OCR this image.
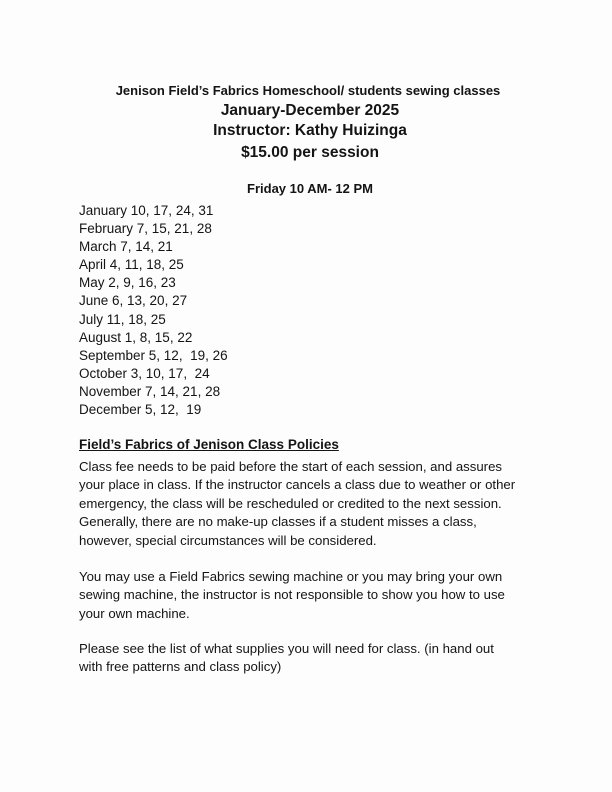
Jenison Field’s Fabrics Homeschool/ students sewing classes
January-December 2025
Instructor: Kathy Huizinga
$15.00 per session
Friday 10 AM- 12 PM
January 10, 17, 24, 31
February 7, 15, 21, 28
March 7, 14, 21
April 4, 11, 18, 25
May 2, 9, 16, 23
June 6, 13, 20, 27
July 11, 18, 25
August 1, 8, 15, 22
September 5, 12,  19, 26
October 3, 10, 17,  24
November 7, 14, 21, 28
December 5, 12,  19
Field’s Fabrics of Jenison Class Policies
Class fee needs to be paid before the start of each session, and assures
your place in class. If the instructor cancels a class due to weather or other
emergency, the class will be rescheduled or credited to the next session.
Generally, there are no make-up classes if a student misses a class,
however, special circumstances will be considered.
You may use a Field Fabrics sewing machine or you may bring your own
sewing machine, the instructor is not responsible to show you how to use
your own machine.
Please see the list of what supplies you will need for class. (in hand out
with free patterns and class policy)
